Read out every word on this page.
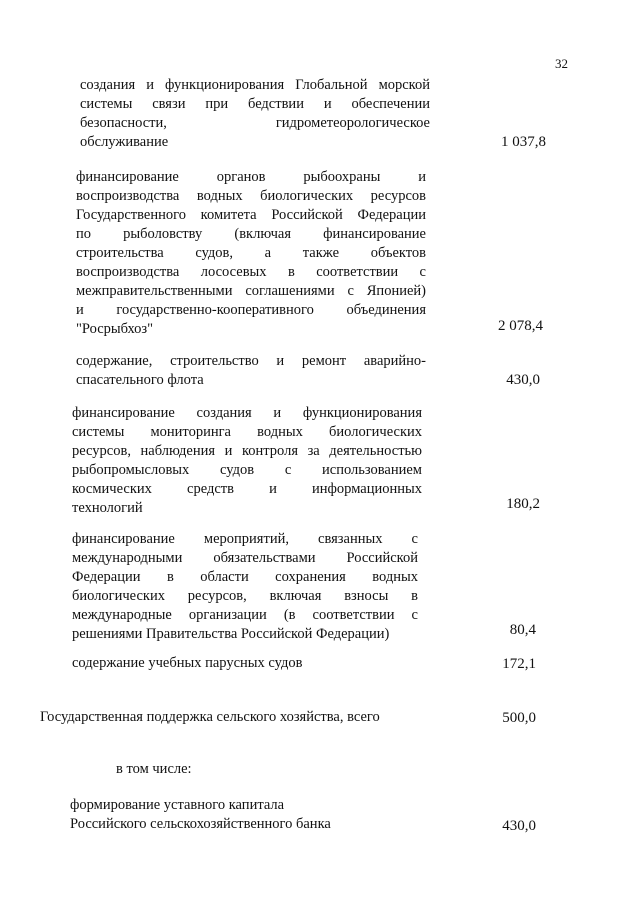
32
создания и функционирования Глобальной морской
системы связи при бедствии и обеспечении
безопасности, гидрометеорологическое
обслуживание	1 037,8
финансирование органов рыбоохраны и
воспроизводства водных биологических ресурсов
Государственного комитета Российской Федерации
по рыболовству (включая финансирование
строительства судов, а также объектов
воспроизводства лососевых в соответствии с
межправительственными соглашениями с Японией)
и государственно-кооперативного объединения
"Росрыбхоз"	2 078,4
содержание, строительство и ремонт аварийно-
спасательного флота	430,0
финансирование создания и функционирования
системы мониторинга водных биологических
ресурсов, наблюдения и контроля за деятельностью
рыбопромысловых судов с использованием
космических средств и информационных
технологий	180,2
финансирование мероприятий, связанных с
международными обязательствами Российской
Федерации в области сохранения водных
биологических ресурсов, включая взносы в
международные организации (в соответствии с
решениями Правительства Российской Федерации)	80,4
содержание учебных парусных судов	172,1
Государственная поддержка сельского хозяйства, всего	500,0
в том числе:
формирование уставного капитала
Российского сельскохозяйственного банка	430,0
